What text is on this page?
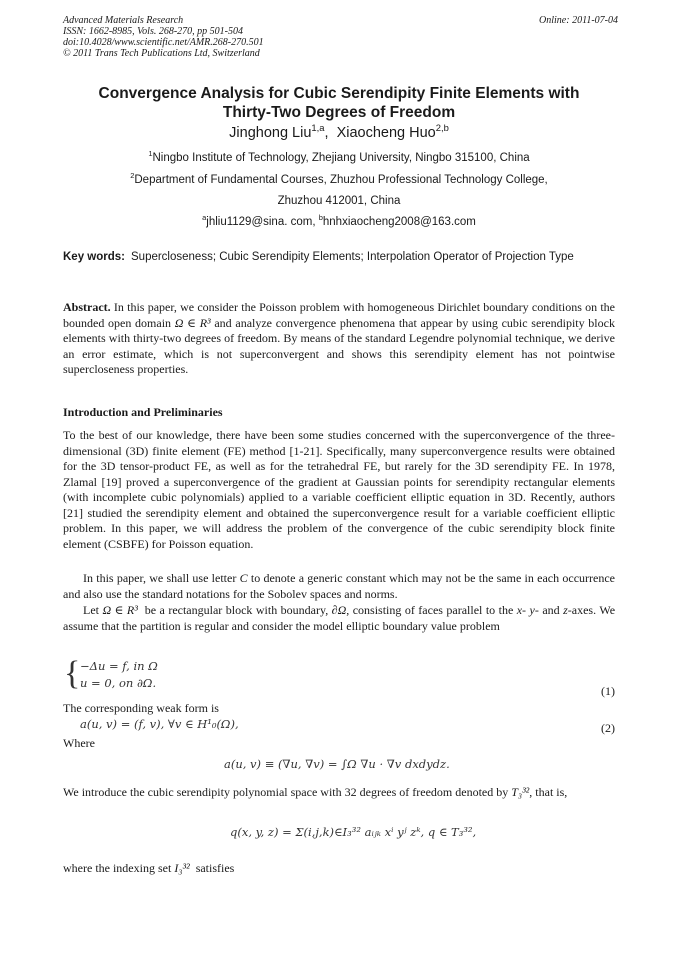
Advanced Materials Research
ISSN: 1662-8985, Vols. 268-270, pp 501-504
doi:10.4028/www.scientific.net/AMR.268-270.501
© 2011 Trans Tech Publications Ltd, Switzerland
Online: 2011-07-04
Convergence Analysis for Cubic Serendipity Finite Elements with
Thirty-Two Degrees of Freedom
Jinghong Liu$^{1,a}$,  Xiaocheng Huo$^{2,b}$
$^1$Ningbo Institute of Technology, Zhejiang University, Ningbo 315100, China
$^2$Department of Fundamental Courses, Zhuzhou Professional Technology College,
Zhuzhou 412001, China
$^a$jhliu1129@sina. com, $^b$hnhxiaocheng2008@163.com
Key words: Supercloseness; Cubic Serendipity Elements; Interpolation Operator of Projection Type
Abstract. In this paper, we consider the Poisson problem with homogeneous Dirichlet boundary conditions on the bounded open domain Ω ∈ R³ and analyze convergence phenomena that appear by using cubic serendipity block elements with thirty-two degrees of freedom. By means of the standard Legendre polynomial technique, we derive an error estimate, which is not superconvergent and shows this serendipity element has not pointwise supercloseness properties.
Introduction and Preliminaries
To the best of our knowledge, there have been some studies concerned with the superconvergence of the three-dimensional (3D) finite element (FE) method [1-21]. Specifically, many superconvergence results were obtained for the 3D tensor-product FE, as well as for the tetrahedral FE, but rarely for the 3D serendipity FE. In 1978, Zlamal [19] proved a superconvergence of the gradient at Gaussian points for serendipity rectangular elements (with incomplete cubic polynomials) applied to a variable coefficient elliptic equation in 3D. Recently, authors [21] studied the serendipity element and obtained the superconvergence result for a variable coefficient elliptic problem. In this paper, we will address the problem of the convergence of the cubic serendipity block finite element (CSBFE) for Poisson equation.
In this paper, we shall use letter C to denote a generic constant which may not be the same in each occurrence and also use the standard notations for the Sobolev spaces and norms.
Let Ω ∈ R³  be a rectangular block with boundary, ∂Ω, consisting of faces parallel to the x- y- and z-axes. We assume that the partition is regular and consider the model elliptic boundary value problem
{ −Δu = f, in Ω
u = 0, on ∂Ω.
(1)
The corresponding weak form is
a(u, v) = (f, v), ∀v ∈ H¹₀(Ω),	(2)
Where
a(u, v) ≡ (∇u, ∇v) = ∫Ω ∇u · ∇v dxdydz.
We introduce the cubic serendipity polynomial space with 32 degrees of freedom denoted by T₃³², that is,
q(x, y, z) = Σ(i,j,k)∈I₃³² aᵢⱼₖ xⁱ yʲ zᵏ, q ∈ T₃³²,
where the indexing set I₃³²  satisfies
